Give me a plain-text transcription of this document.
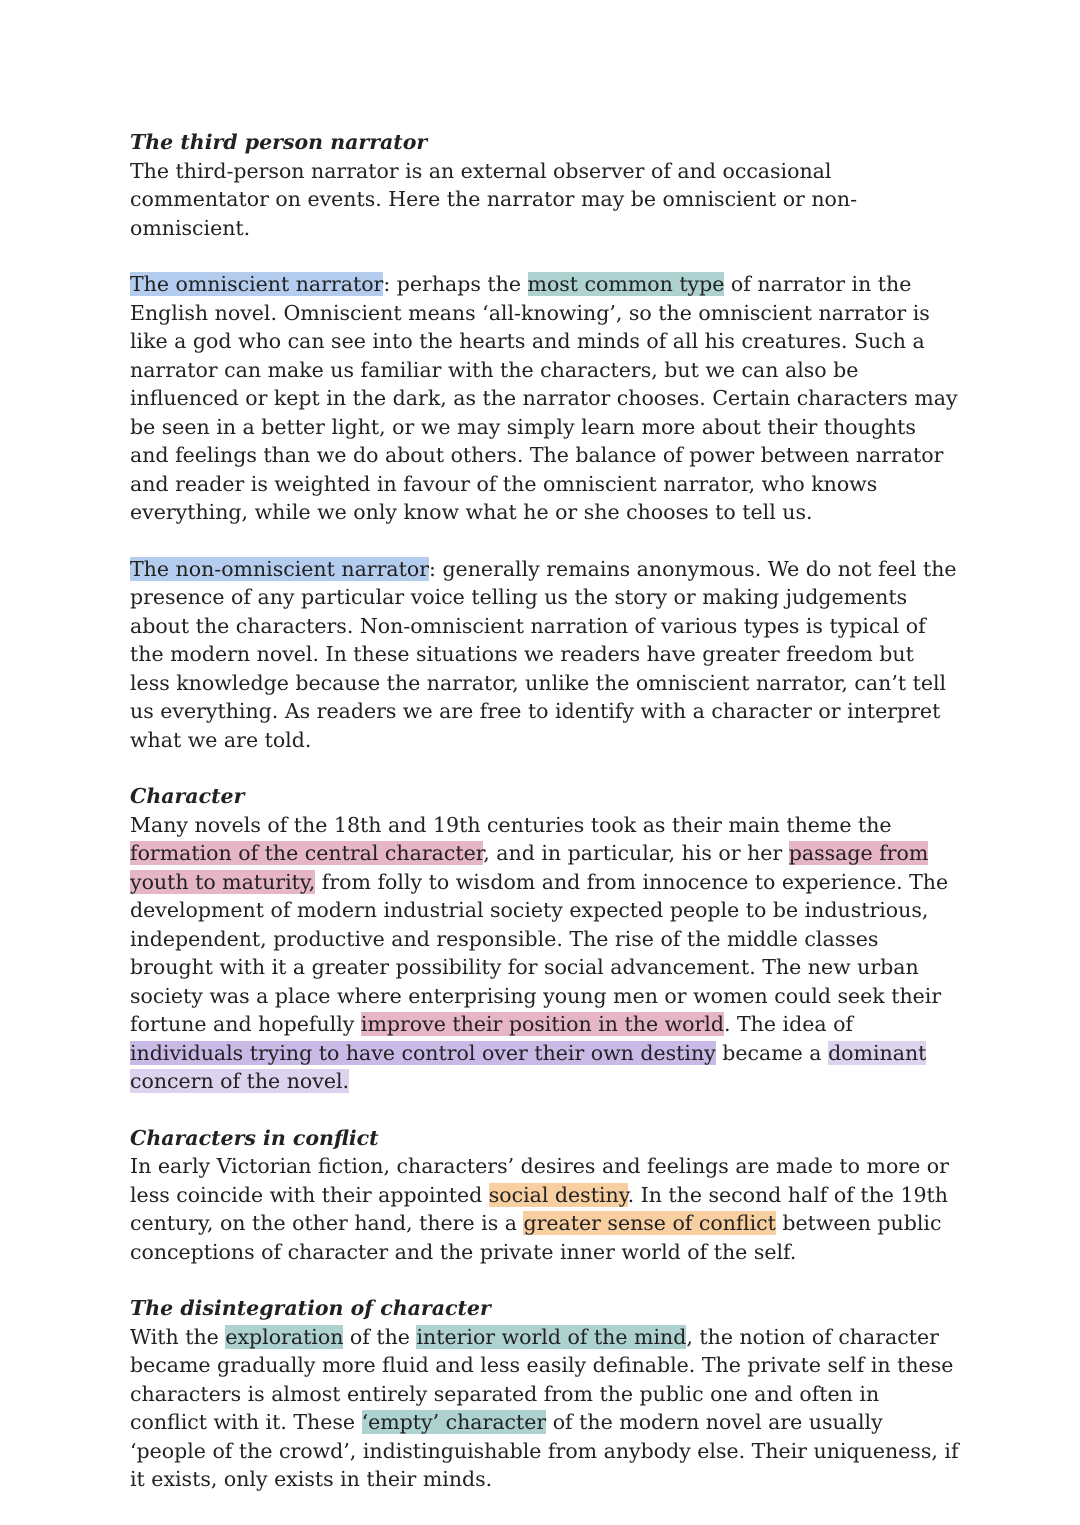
The third person narrator
The third-person narrator is an external observer of and occasional commentator on events. Here the narrator may be omniscient or non-omniscient.
The omniscient narrator: perhaps the most common type of narrator in the English novel. Omniscient means ‘all-knowing’, so the omniscient narrator is like a god who can see into the hearts and minds of all his creatures. Such a narrator can make us familiar with the characters, but we can also be influenced or kept in the dark, as the narrator chooses. Certain characters may be seen in a better light, or we may simply learn more about their thoughts and feelings than we do about others. The balance of power between narrator and reader is weighted in favour of the omniscient narrator, who knows everything, while we only know what he or she chooses to tell us.
The non-omniscient narrator: generally remains anonymous. We do not feel the presence of any particular voice telling us the story or making judgements about the characters. Non-omniscient narration of various types is typical of the modern novel. In these situations we readers have greater freedom but less knowledge because the narrator, unlike the omniscient narrator, can’t tell us everything. As readers we are free to identify with a character or interpret what we are told.
Character
Many novels of the 18th and 19th centuries took as their main theme the formation of the central character, and in particular, his or her passage from youth to maturity, from folly to wisdom and from innocence to experience. The development of modern industrial society expected people to be industrious, independent, productive and responsible. The rise of the middle classes brought with it a greater possibility for social advancement. The new urban society was a place where enterprising young men or women could seek their fortune and hopefully improve their position in the world. The idea of individuals trying to have control over their own destiny became a dominant concern of the novel.
Characters in conflict
In early Victorian fiction, characters’ desires and feelings are made to more or less coincide with their appointed social destiny. In the second half of the 19th century, on the other hand, there is a greater sense of conflict between public conceptions of character and the private inner world of the self.
The disintegration of character
With the exploration of the interior world of the mind, the notion of character became gradually more fluid and less easily definable. The private self in these characters is almost entirely separated from the public one and often in conflict with it. These ‘empty’ character of the modern novel are usually ‘people of the crowd’, indistinguishable from anybody else. Their uniqueness, if it exists, only exists in their minds.
